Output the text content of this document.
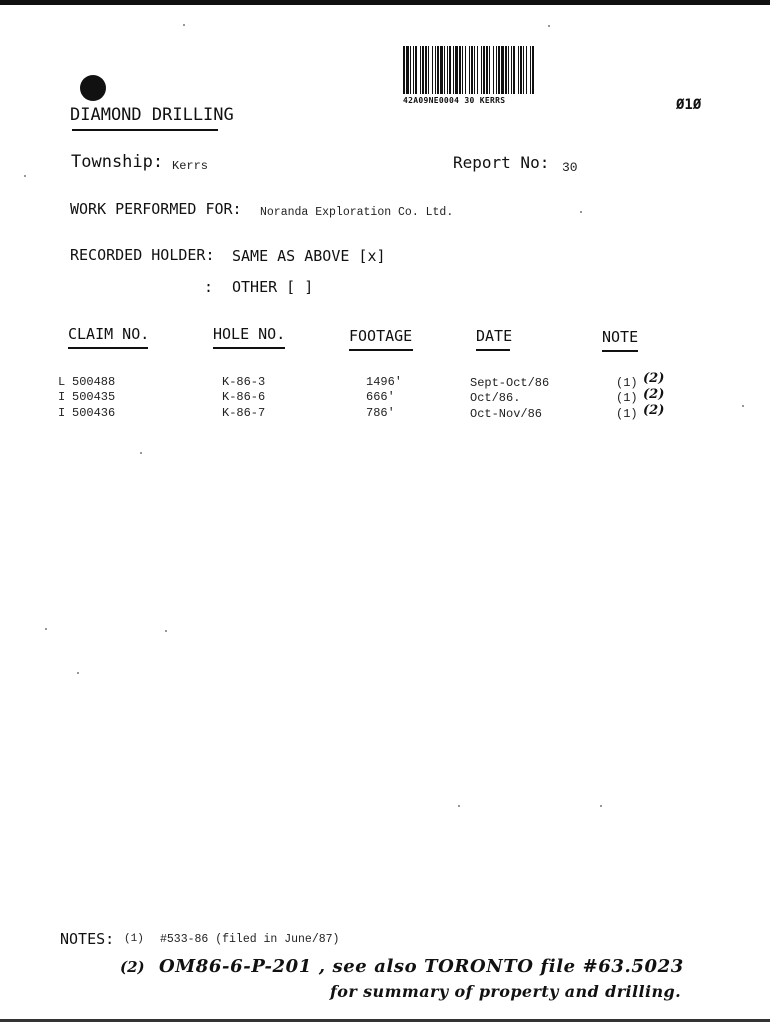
42A09NE0004 30 KERRS	Ø1Ø
DIAMOND DRILLING
Township: Kerrs	Report No: 30
WORK PERFORMED FOR: Noranda Exploration Co. Ltd.
RECORDED HOLDER: SAME AS ABOVE [x]
: OTHER [ ]
CLAIM NO.	HOLE NO.	FOOTAGE	DATE	NOTE
L 500488	K-86-3	1496'	Sept-Oct/86	(1) (2)
I 500435	K-86-6	666'	Oct/86.	(1) (2)
I 500436	K-86-7	786'	Oct-Nov/86	(1) (2)
NOTES: (1) #533-86 (filed in June/87)
(2) OM86-6-P-201 , see also TORONTO file #63.5023
for summary of property and drilling.
